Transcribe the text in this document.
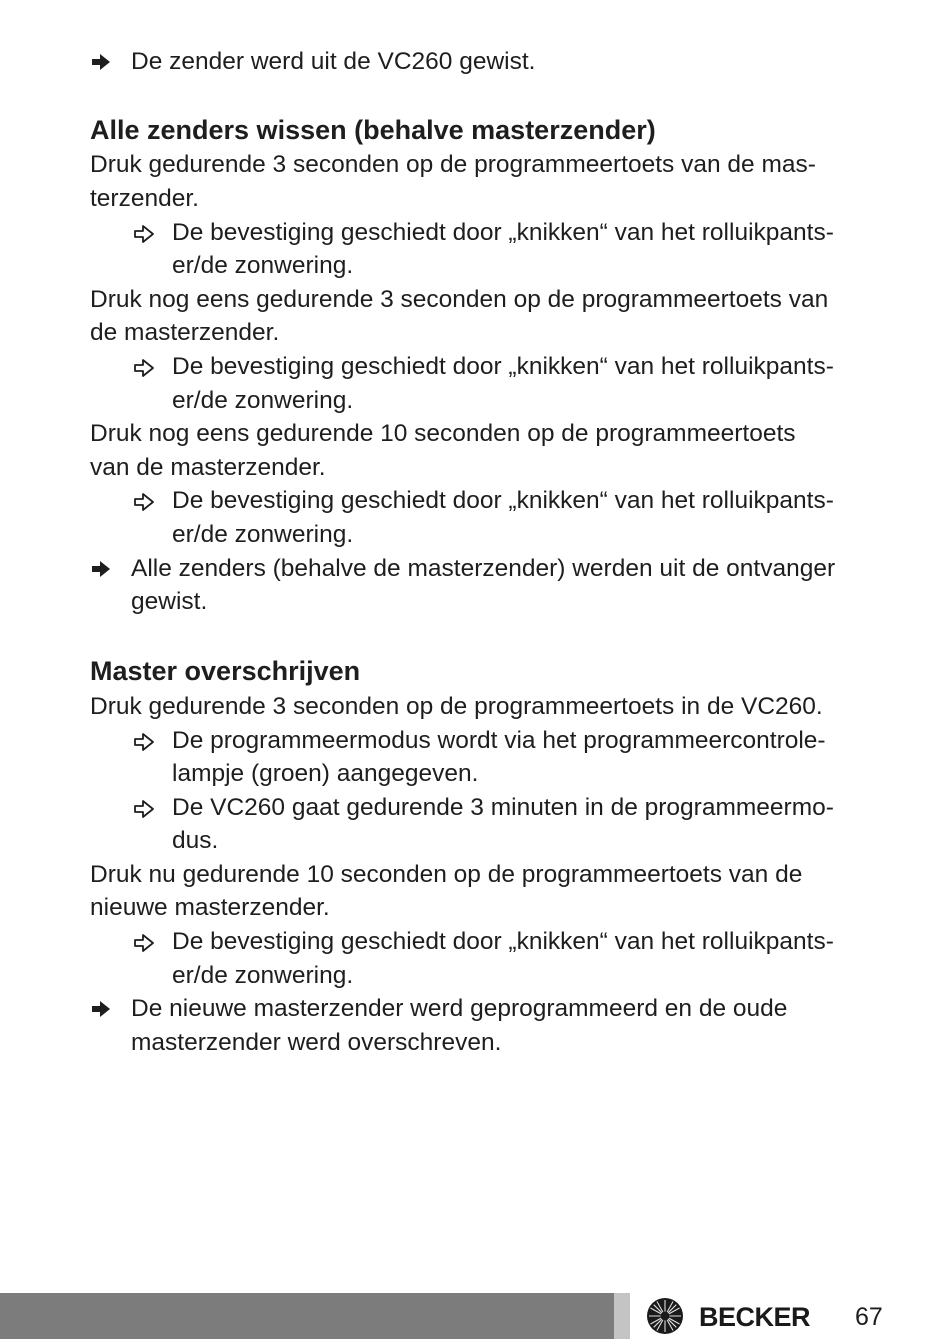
De zender werd uit de VC260 gewist.
Alle zenders wissen (behalve masterzender)
Druk gedurende 3 seconden op de programmeertoets van de mas-
terzender.
De bevestiging geschiedt door „knikken“ van het rolluikpants-
er/de zonwering.
Druk nog eens gedurende 3 seconden op de programmeertoets van
de masterzender.
De bevestiging geschiedt door „knikken“ van het rolluikpants-
er/de zonwering.
Druk nog eens gedurende 10 seconden op de programmeertoets
van de masterzender.
De bevestiging geschiedt door „knikken“ van het rolluikpants-
er/de zonwering.
Alle zenders (behalve de masterzender) werden uit de ontvanger
gewist.
Master overschrijven
Druk gedurende 3 seconden op de programmeertoets in de VC260.
De programmeermodus wordt via het programmeercontrole-
lampje (groen) aangegeven.
De VC260 gaat gedurende 3 minuten in de programmeermo-
dus.
Druk nu gedurende 10 seconden op de programmeertoets van de
nieuwe masterzender.
De bevestiging geschiedt door „knikken“ van het rolluikpants-
er/de zonwering.
De nieuwe masterzender werd geprogrammeerd en de oude
masterzender werd overschreven.
BECKER 67
